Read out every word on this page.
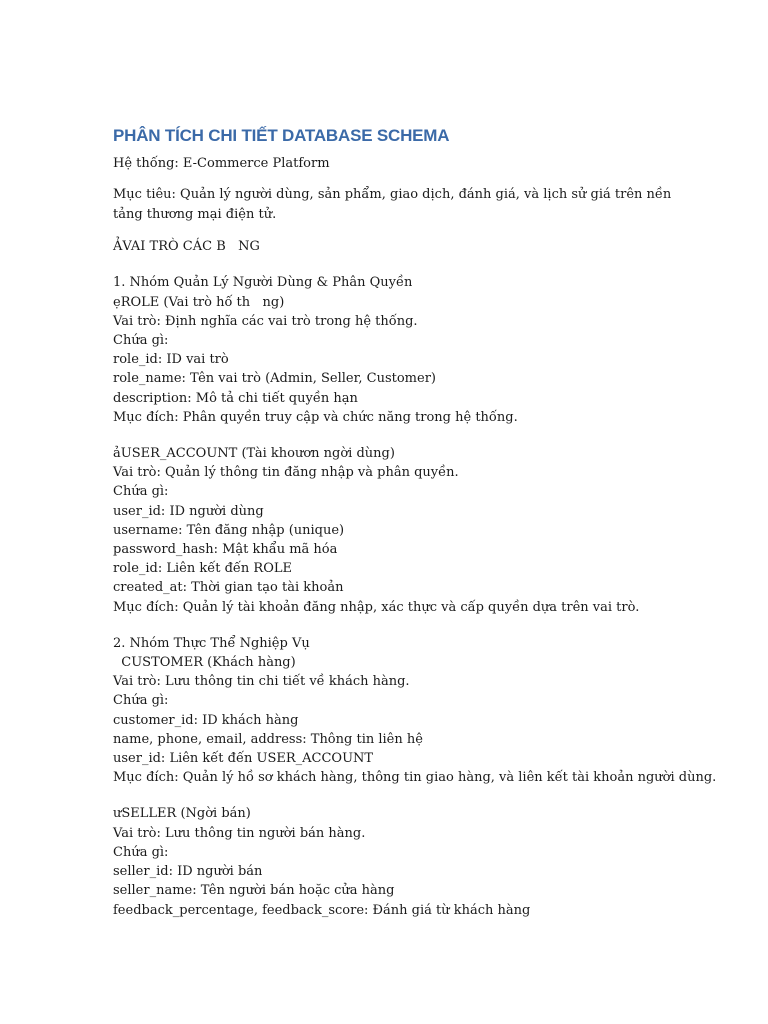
PHÂN TÍCH CHI TIẾT DATABASE SCHEMA

Hệ thống: E-Commerce Platform

Mục tiêu: Quản lý người dùng, sản phẩm, giao dịch, đánh giá, và lịch sử giá trên nền tảng thương mại điện tử.

ẢVAI TRÒ CÁC B   NG

1. Nhóm Quản Lý Người Dùng & Phân Quyền

ẹROLE (Vai trò hố th   ng)

Vai trò: Định nghĩa các vai trò trong hệ thống.

Chứa gì:

role_id: ID vai trò

role_name: Tên vai trò (Admin, Seller, Customer)

description: Mô tả chi tiết quyền hạn

Mục đích: Phân quyền truy cập và chức năng trong hệ thống.

ảUSER_ACCOUNT (Tài khoươn ngời dùng)

Vai trò: Quản lý thông tin đăng nhập và phân quyền.

Chứa gì:

user_id: ID người dùng

username: Tên đăng nhập (unique)

password_hash: Mật khẩu mã hóa

role_id: Liên kết đến ROLE

created_at: Thời gian tạo tài khoản

Mục đích: Quản lý tài khoản đăng nhập, xác thực và cấp quyền dựa trên vai trò.

2. Nhóm Thực Thể Nghiệp Vụ

CUSTOMER (Khách hàng)

Vai trò: Lưu thông tin chi tiết về khách hàng.

Chứa gì:

customer_id: ID khách hàng

name, phone, email, address: Thông tin liên hệ

user_id: Liên kết đến USER_ACCOUNT

Mục đích: Quản lý hồ sơ khách hàng, thông tin giao hàng, và liên kết tài khoản người dùng.

ưSELLER (Ngời bán)

Vai trò: Lưu thông tin người bán hàng.

Chứa gì:

seller_id: ID người bán

seller_name: Tên người bán hoặc cửa hàng

feedback_percentage, feedback_score: Đánh giá từ khách hàng
